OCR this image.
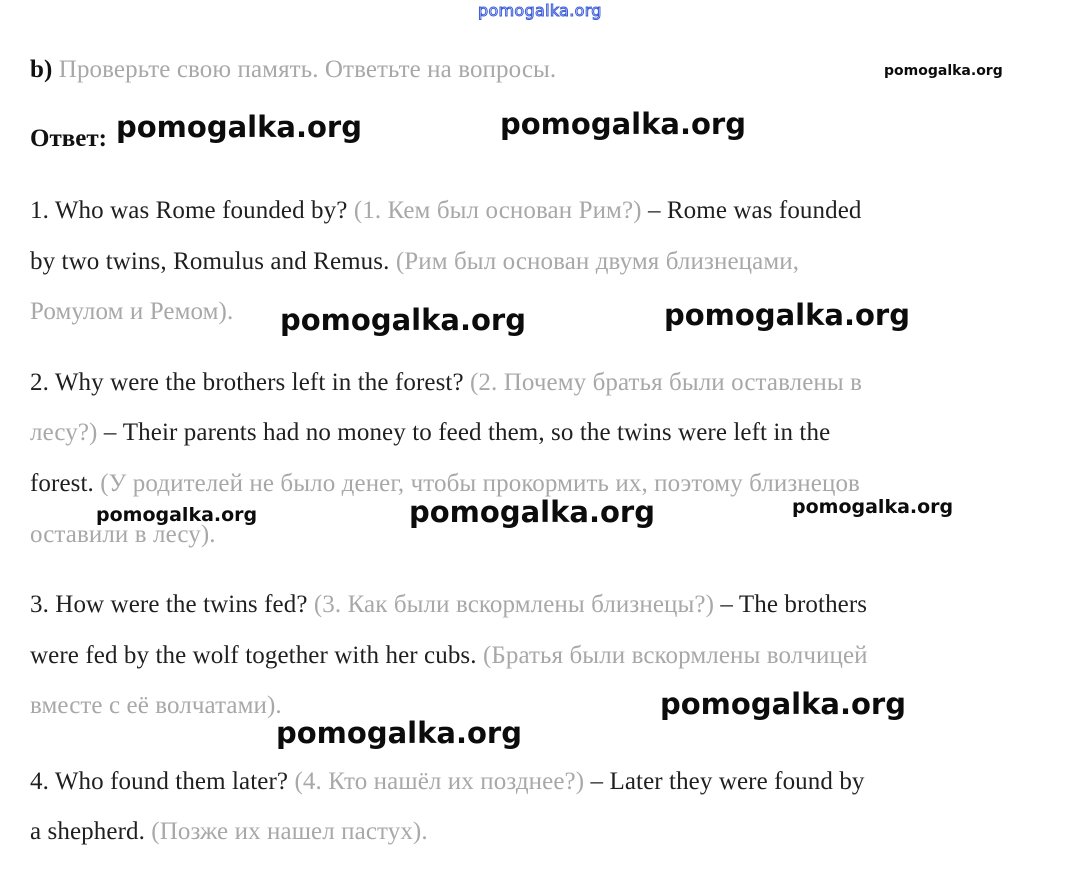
pomogalka.org
b) Проверьте свою память. Ответьте на вопросы.
Ответ:
1. Who was Rome founded by? (1. Кем был основан Рим?) – Rome was founded
by two twins, Romulus and Remus. (Рим был основан двумя близнецами,
Ромулом и Ремом).
2. Why were the brothers left in the forest? (2. Почему братья были оставлены в
лесу?) – Their parents had no money to feed them, so the twins were left in the
forest. (У родителей не было денег, чтобы прокормить их, поэтому близнецов
оставили в лесу).
3. How were the twins fed? (3. Как были вскормлены близнецы?) – The brothers
were fed by the wolf together with her cubs. (Братья были вскормлены волчицей
вместе с её волчатами).
4. Who found them later? (4. Кто нашёл их позднее?) – Later they were found by
a shepherd. (Позже их нашел пастух).
pomogalka.org
pomogalka.org	pomogalka.org
pomogalka.org	pomogalka.org
pomogalka.org	pomogalka.org	pomogalka.org
pomogalka.org
pomogalka.org
